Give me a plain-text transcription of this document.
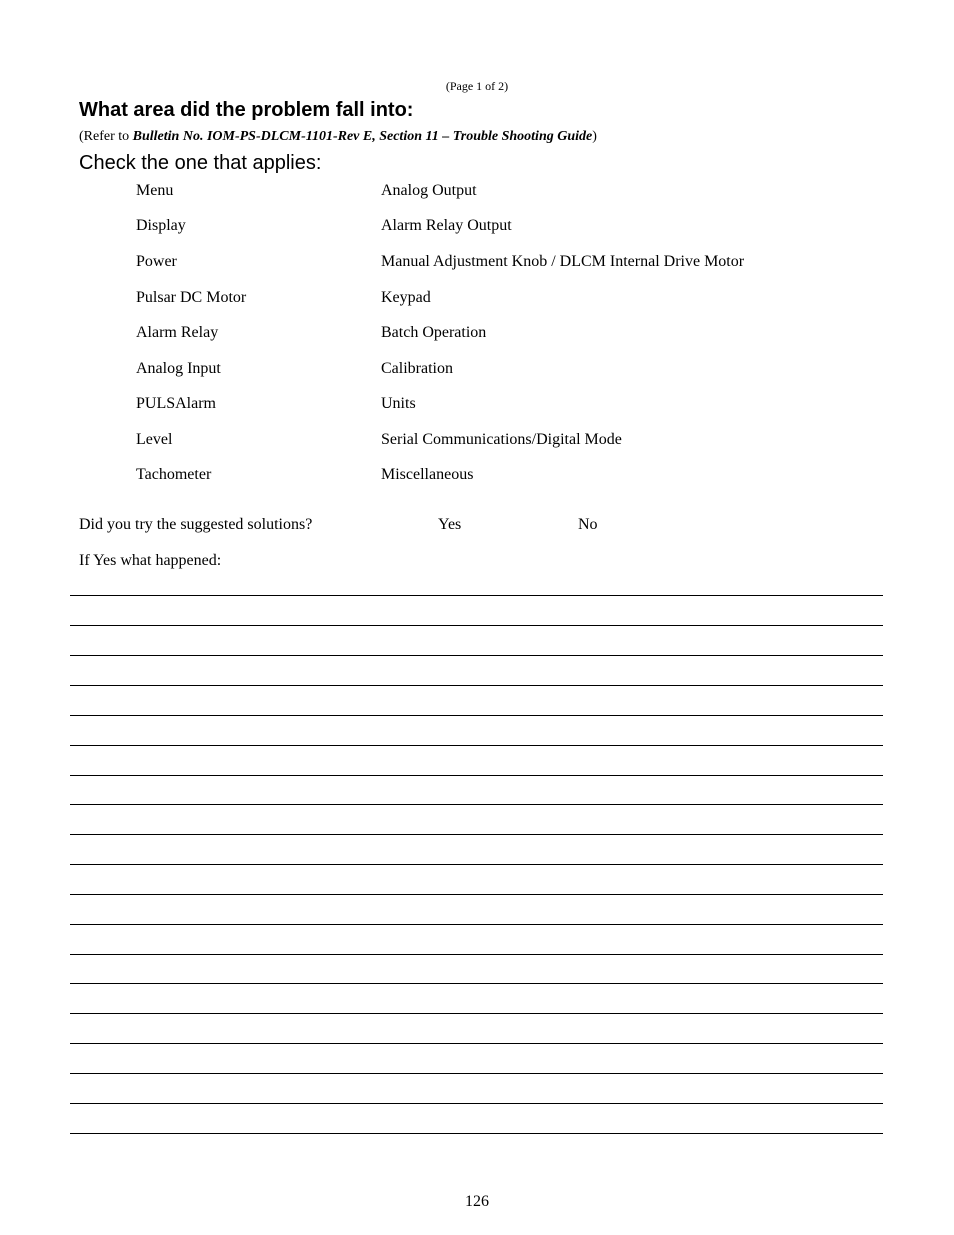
(Page 1 of 2)
What area did the problem fall into:
(Refer to Bulletin No. IOM-PS-DLCM-1101-Rev E, Section 11 – Trouble Shooting Guide)
Check the one that applies:
Menu
Display
Power
Pulsar DC Motor
Alarm Relay
Analog Input
PULSAlarm
Level
Tachometer
Analog Output
Alarm Relay Output
Manual Adjustment Knob / DLCM Internal Drive Motor
Keypad
Batch Operation
Calibration
Units
Serial Communications/Digital Mode
Miscellaneous
Did you try the suggested solutions?	Yes	No
If Yes what happened:
126
